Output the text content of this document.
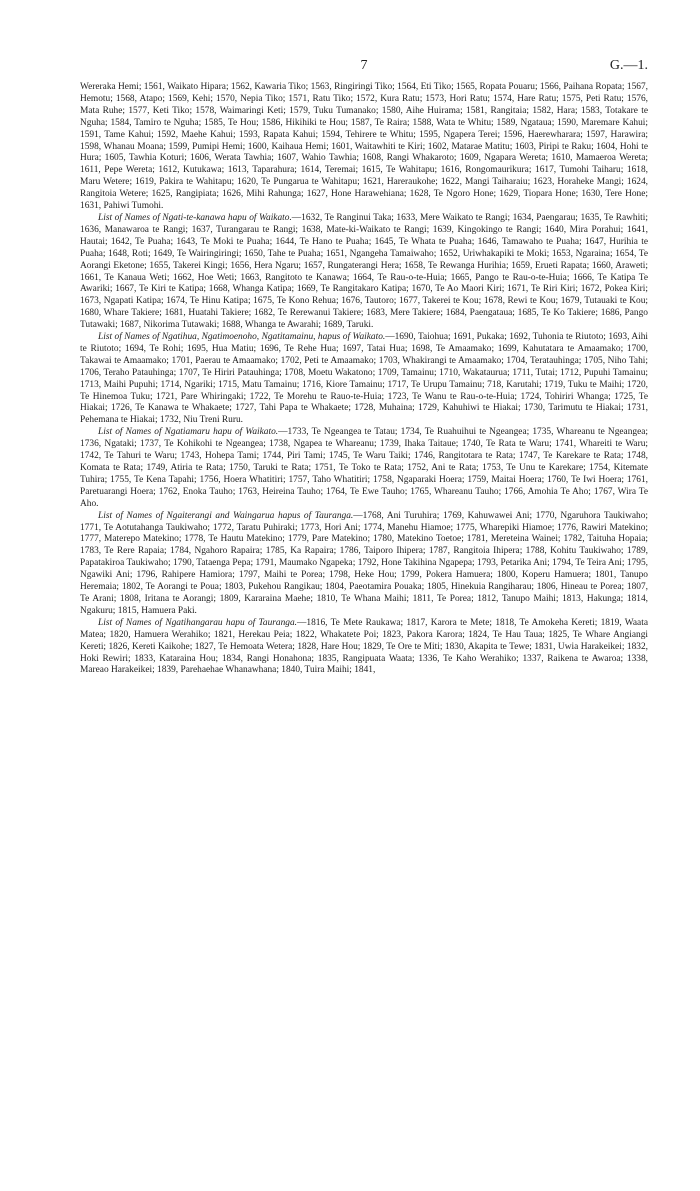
7	G.—1.

Wereraka Hemi; 1561, Waikato Hipara; 1562, Kawaria Tiko; 1563, Ringiringi Tiko; 1564, Eti Tiko; 1565, Ropata Pouaru; 1566, Paihana Ropata; 1567, Hemotu; 1568, Atapo; 1569, Kehi; 1570, Nepia Tiko; 1571, Ratu Tiko; 1572, Kura Ratu; 1573, Hori Ratu; 1574, Hare Ratu; 1575, Peti Ratu; 1576, Mata Ruhe; 1577, Keti Tiko; 1578, Waimaringi Keti; 1579, Tuku Tumanako; 1580, Aihe Huirama; 1581, Rangitaia; 1582, Hara; 1583, Totakare te Nguha; 1584, Tamiro te Nguha; 1585, Te Hou; 1586, Hikihiki te Hou; 1587, Te Raira; 1588, Wata te Whitu; 1589, Ngataua; 1590, Maremare Kahui; 1591, Tame Kahui; 1592, Maehe Kahui; 1593, Rapata Kahui; 1594, Tehirere te Whitu; 1595, Ngapera Terei; 1596, Haerewharara; 1597, Harawira; 1598, Whanau Moana; 1599, Pumipi Hemi; 1600, Kaihaua Hemi; 1601, Waitawhiti te Kiri; 1602, Matarae Matitu; 1603, Piripi te Raku; 1604, Hohi te Hura; 1605, Tawhia Koturi; 1606, Werata Tawhia; 1607, Wahio Tawhia; 1608, Rangi Whakaroto; 1609, Ngapara Wereta; 1610, Mamaeroa Wereta; 1611, Pepe Wereta; 1612, Kutukawa; 1613, Taparahura; 1614, Teremai; 1615, Te Wahitapu; 1616, Rongomaurikura; 1617, Tumohi Taiharu; 1618, Maru Wetere; 1619, Pakira te Wahitapu; 1620, Te Pungarua te Wahitapu; 1621, Hareraukohe; 1622, Mangi Taiharaiu; 1623, Horaheke Mangi; 1624, Rangitoia Wetere; 1625, Rangipiata; 1626, Mihi Rahunga; 1627, Hone Harawehiana; 1628, Te Ngoro Hone; 1629, Tiopara Hone; 1630, Tere Hone; 1631, Pahiwi Tumohi.

List of Names of Ngati-te-kanawa hapu of Waikato.—1632, Te Ranginui Taka; 1633, Mere Waikato te Rangi; 1634, Paengarau; 1635, Te Rawhiti; 1636, Manawaroa te Rangi; 1637, Turangarau te Rangi; 1638, Mate-ki-Waikato te Rangi; 1639, Kingokingo te Rangi; 1640, Mira Porahui; 1641, Hautai; 1642, Te Puaha; 1643, Te Moki te Puaha; 1644, Te Hano te Puaha; 1645, Te Whata te Puaha; 1646, Tamawaho te Puaha; 1647, Hurihia te Puaha; 1648, Roti; 1649, Te Wairingiringi; 1650, Tahe te Puaha; 1651, Ngangeha Tamaiwaho; 1652, Uriwhakapiki te Moki; 1653, Ngaraina; 1654, Te Aorangi Eketone; 1655, Takerei Kingi; 1656, Hera Ngaru; 1657, Rungaterangi Hera; 1658, Te Rewanga Hurihia; 1659, Erueti Rapata; 1660, Araweti; 1661, Te Kanaua Weti; 1662, Hoe Weti; 1663, Rangitoto te Kanawa; 1664, Te Rau-o-te-Huia; 1665, Pango te Rau-o-te-Huia; 1666, Te Katipa Te Awariki; 1667, Te Kiri te Katipa; 1668, Whanga Katipa; 1669, Te Rangitakaro Katipa; 1670, Te Ao Maori Kiri; 1671, Te Riri Kiri; 1672, Pokea Kiri; 1673, Ngapati Katipa; 1674, Te Hinu Katipa; 1675, Te Kono Rehua; 1676, Tautoro; 1677, Takerei te Kou; 1678, Rewi te Kou; 1679, Tutauaki te Kou; 1680, Whare Takiere; 1681, Huatahi Takiere; 1682, Te Rerewanui Takiere; 1683, Mere Takiere; 1684, Paengataua; 1685, Te Ko Takiere; 1686, Pango Tutawaki; 1687, Nikorima Tutawaki; 1688, Whanga te Awarahi; 1689, Taruki.

List of Names of Ngatihua, Ngatimoenoho, Ngatitamainu, hapus of Waikato.—1690, Taiohua; 1691, Pukaka; 1692, Tuhonia te Riutoto; 1693, Aihi te Riutoto; 1694, Te Rohi; 1695, Hua Matiu; 1696, Te Rehe Hua; 1697, Tatai Hua; 1698, Te Amaamako; 1699, Kahutatara te Amaamako; 1700, Takawai te Amaamako; 1701, Paerau te Amaamako; 1702, Peti te Amaamako; 1703, Whakirangi te Amaamako; 1704, Teratauhinga; 1705, Niho Tahi; 1706, Teraho Patauhinga; 1707, Te Hiriri Patauhinga; 1708, Moetu Wakatono; 1709, Tamainu; 1710, Wakataurua; 1711, Tutai; 1712, Pupuhi Tamainu; 1713, Maihi Pupuhi; 1714, Ngariki; 1715, Matu Tamainu; 1716, Kiore Tamainu; 1717, Te Urupu Tamainu; 718, Karutahi; 1719, Tuku te Maihi; 1720, Te Hinemoa Tuku; 1721, Pare Whiringaki; 1722, Te Morehu te Rauo-te-Huia; 1723, Te Wanu te Rau-o-te-Huia; 1724, Tohiriri Whanga; 1725, Te Hiakai; 1726, Te Kanawa te Whakaete; 1727, Tahi Papa te Whakaete; 1728, Muhaina; 1729, Kahuhiwi te Hiakai; 1730, Tarimutu te Hiakai; 1731, Pehemana te Hiakai; 1732, Niu Treni Ruru.

List of Names of Ngatiamaru hapu of Waikato.—1733, Te Ngeangea te Tatau; 1734, Te Ruahuihui te Ngeangea; 1735, Whareanu te Ngeangea; 1736, Ngataki; 1737, Te Kohikohi te Ngeangea; 1738, Ngapea te Whareanu; 1739, Ihaka Taitaue; 1740, Te Rata te Waru; 1741, Whareiti te Waru; 1742, Te Tahuri te Waru; 1743, Hohepa Tami; 1744, Piri Tami; 1745, Te Waru Taiki; 1746, Rangitotara te Rata; 1747, Te Karekare te Rata; 1748, Komata te Rata; 1749, Atiria te Rata; 1750, Taruki te Rata; 1751, Te Toko te Rata; 1752, Ani te Rata; 1753, Te Unu te Karekare; 1754, Kitemate Tuhira; 1755, Te Kena Tapahi; 1756, Hoera Whatitiri; 1757, Taho Whatitiri; 1758, Ngaparaki Hoera; 1759, Maitai Hoera; 1760, Te Iwi Hoera; 1761, Paretuarangi Hoera; 1762, Enoka Tauho; 1763, Heireina Tauho; 1764, Te Ewe Tauho; 1765, Whareanu Tauho; 1766, Amohia Te Aho; 1767, Wira Te Aho.

List of Names of Ngaiterangi and Waingarua hapus of Tauranga.—1768, Ani Turuhira; 1769, Kahuwawei Ani; 1770, Ngaruhora Taukiwaho; 1771, Te Aotutahanga Taukiwaho; 1772, Taratu Puhiraki; 1773, Hori Ani; 1774, Manehu Hiamoe; 1775, Wharepiki Hiamoe; 1776, Rawiri Matekino; 1777, Materepo Matekino; 1778, Te Hautu Matekino; 1779, Pare Matekino; 1780, Matekino Toetoe; 1781, Mereteina Wainei; 1782, Taituha Hopaia; 1783, Te Rere Rapaia; 1784, Ngahoro Rapaira; 1785, Ka Rapaira; 1786, Taiporo Ihipera; 1787, Rangitoia Ihipera; 1788, Kohitu Taukiwaho; 1789, Papatakiroa Taukiwaho; 1790, Tataenga Pepa; 1791, Maumako Ngapeka; 1792, Hone Takihina Ngapepa; 1793, Petarika Ani; 1794, Te Teira Ani; 1795, Ngawiki Ani; 1796, Rahipere Hamiora; 1797, Maihi te Porea; 1798, Heke Hou; 1799, Pokera Hamuera; 1800, Koperu Hamuera; 1801, Tanupo Heremaia; 1802, Te Aorangi te Poua; 1803, Pukehou Rangikau; 1804, Paeotamira Pouaka; 1805, Hinekuia Rangiharau; 1806, Hineau te Porea; 1807, Te Arani; 1808, Iritana te Aorangi; 1809, Kararaina Maehe; 1810, Te Whana Maihi; 1811, Te Porea; 1812, Tanupo Maihi; 1813, Hakunga; 1814, Ngakuru; 1815, Hamuera Paki.

List of Names of Ngatihangarau hapu of Tauranga.—1816, Te Mete Raukawa; 1817, Karora te Mete; 1818, Te Amokeha Kereti; 1819, Waata Matea; 1820, Hamuera Werahiko; 1821, Herekau Peia; 1822, Whakatete Poi; 1823, Pakora Karora; 1824, Te Hau Taua; 1825, Te Whare Angiangi Kereti; 1826, Kereti Kaikohe; 1827, Te Hemoata Wetera; 1828, Hare Hou; 1829, Te Ore te Miti; 1830, Akapita te Tewe; 1831, Uwia Harakeikei; 1832, Hoki Rewiri; 1833, Kataraina Hou; 1834, Rangi Honahona; 1835, Rangipuata Waata; 1336, Te Kaho Werahiko; 1337, Raikena te Awaroa; 1338, Mareao Harakeikei; 1839, Parehaehae Whanawhana; 1840, Tuira Maihi; 1841,
